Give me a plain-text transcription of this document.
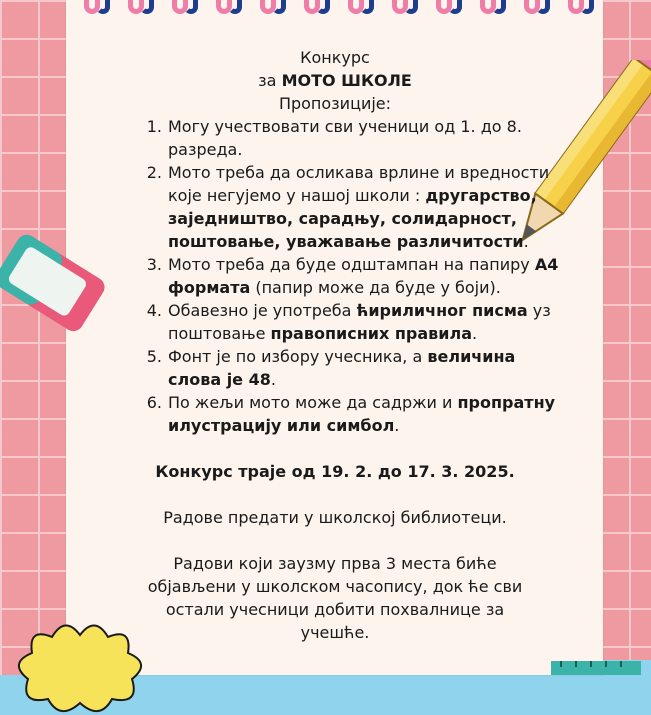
Конкурс
за МОТО ШКОЛЕ
Пропозиције:
Могу учествовати сви ученици од 1. до 8. разреда.
Мото треба да осликава врлине и вредности које негујемо у нашој школи : другарство, заједништво, сарадњу, солидарност, поштовање, уважавање различитости.
Мото треба да буде одштампан на папиру А4 формата (папир може да буде у боји).
Обавезно је употреба ћириличног писма уз поштовање правописних правила.
Фонт је по избору учесника, а величина слова је 48.
По жељи мото може да садржи и пропратну илустрацију или симбол.
Конкурс траје од 19. 2. до 17. 3. 2025.
Радове предати у школској библиотеци.
Радови који заузму прва 3 места биће објављени у школском часопису, док ће сви остали учесници добити похвалнице за учешће.
